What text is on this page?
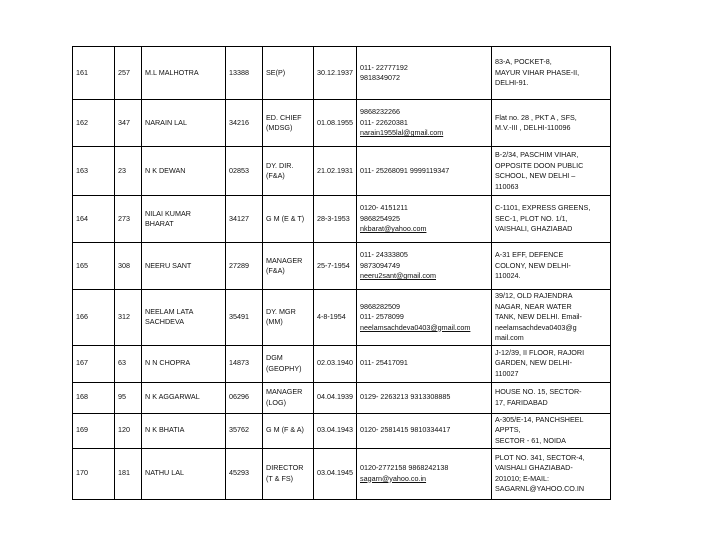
161	257	M.L MALHOTRA	13388	SE(P)	30.12.1937	011- 22777192
9818349072	83-A, POCKET-8,
MAYUR VIHAR PHASE-II,
DELHI-91.

162	347	NARAIN LAL	34216	ED. CHIEF
(MDSG)	01.08.1955	9868232266
011- 22620381
narain1955lal@gmail.com	Flat no. 28 , PKT A , SFS,
M.V.-III , DELHI-110096

163	23	N K DEWAN	02853	DY. DIR.
(F&A)	21.02.1931	011- 25268091 9999119347	B-2/34, PASCHIM VIHAR,
OPPOSITE DOON PUBLIC
SCHOOL, NEW DELHI –
110063

164	273	NILAI KUMAR
BHARAT	34127	G M (E & T)	28-3-1953	0120- 4151211
9868254925
nkbarat@yahoo.com	C-1101, EXPRESS GREENS,
SEC-1, PLOT NO. 1/1,
VAISHALI, GHAZIABAD

165	308	NEERU SANT	27289	MANAGER
(F&A)	25-7-1954	011- 24333805
9873094749
neeru2sant@gmail.com	A-31 EFF, DEFENCE
COLONY, NEW DELHI-
110024.

166	312	NEELAM LATA
SACHDEVA	35491	DY. MGR
(MM)	4-8-1954	9868282509
011- 2578099
neelamsachdeva0403@gmail.com	39/12, OLD RAJENDRA
NAGAR, NEAR WATER
TANK, NEW DELHI. Email-
neelamsachdeva0403@g
mail.com

167	63	N N CHOPRA	14873	DGM
(GEOPHY)	02.03.1940	011- 25417091	J-12/39, II FLOOR, RAJORI
GARDEN, NEW DELHI-
110027

168	95	N K AGGARWAL	06296	MANAGER
(LOG)	04.04.1939	0129- 2263213 9313308885	HOUSE NO. 15, SECTOR-
17, FARIDABAD

169	120	N K BHATIA	35762	G M (F & A)	03.04.1943	0120- 2581415 9810334417	A-305/E-14, PANCHSHEEL
APPTS,
SECTOR - 61, NOIDA

170	181	NATHU LAL	45293	DIRECTOR
(T & FS)	03.04.1945	0120-2772158 9868242138
sagarn@yahoo.co.in	PLOT NO. 341, SECTOR-4,
VAISHALI GHAZIABAD-
201010; E-MAIL:
SAGARNL@YAHOO.CO.IN
